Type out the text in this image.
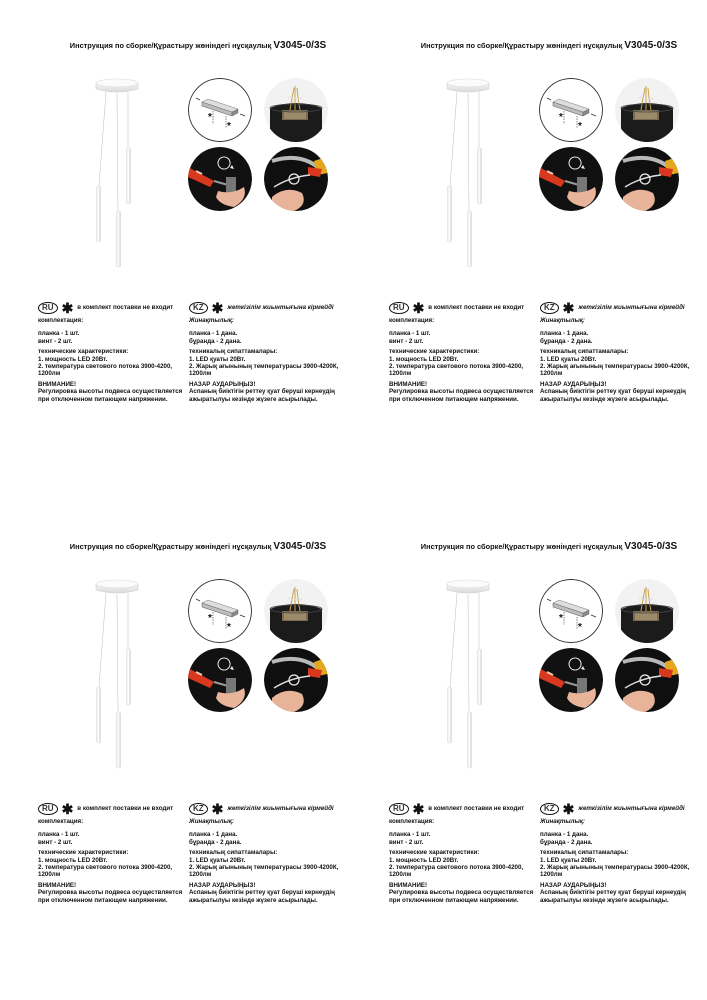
Инструкция по сборке/Құрастыру жөніндегі нұсқаулық V3045-0/3S
*
*
RU ✱ в комплект поставки не входит
комплектация:
планка - 1 шт.
винт - 2 шт.
технические характеристики:
1. мощность LED 20Вт.
2. температура светового потока 3900-4200,
1200лм
ВНИМАНИЕ!
Регулировка высоты подвеса осуществляется при отключенном питающем напряжении.
KZ ✱ жеткізілім жиынтығына кірмейді
Жинақтылық:
планка - 1 дана.
бұранда - 2 дана.
техникалық сипаттамалары:
1. LED қуаты 20Вт.
2. Жарық ағынының температурасы 3900-4200К,
1200лм
НАЗАР АУДАРЫҢЫЗ!
Аспаның биіктігін реттеу қуат беруші кернеудің ажыратылуы кезінде жүзеге асырылады.
Инструкция по сборке/Құрастыру жөніндегі нұсқаулық V3045-0/3S
*
*
RU ✱ в комплект поставки не входит
комплектация:
планка - 1 шт.
винт - 2 шт.
технические характеристики:
1. мощность LED 20Вт.
2. температура светового потока 3900-4200,
1200лм
ВНИМАНИЕ!
Регулировка высоты подвеса осуществляется при отключенном питающем напряжении.
KZ ✱ жеткізілім жиынтығына кірмейді
Жинақтылық:
планка - 1 дана.
бұранда - 2 дана.
техникалық сипаттамалары:
1. LED қуаты 20Вт.
2. Жарық ағынының температурасы 3900-4200К,
1200лм
НАЗАР АУДАРЫҢЫЗ!
Аспаның биіктігін реттеу қуат беруші кернеудің ажыратылуы кезінде жүзеге асырылады.
Инструкция по сборке/Құрастыру жөніндегі нұсқаулық V3045-0/3S
*
*
RU ✱ в комплект поставки не входит
комплектация:
планка - 1 шт.
винт - 2 шт.
технические характеристики:
1. мощность LED 20Вт.
2. температура светового потока 3900-4200,
1200лм
ВНИМАНИЕ!
Регулировка высоты подвеса осуществляется при отключенном питающем напряжении.
KZ ✱ жеткізілім жиынтығына кірмейді
Жинақтылық:
планка - 1 дана.
бұранда - 2 дана.
техникалық сипаттамалары:
1. LED қуаты 20Вт.
2. Жарық ағынының температурасы 3900-4200К,
1200лм
НАЗАР АУДАРЫҢЫЗ!
Аспаның биіктігін реттеу қуат беруші кернеудің ажыратылуы кезінде жүзеге асырылады.
Инструкция по сборке/Құрастыру жөніндегі нұсқаулық V3045-0/3S
*
*
RU ✱ в комплект поставки не входит
комплектация:
планка - 1 шт.
винт - 2 шт.
технические характеристики:
1. мощность LED 20Вт.
2. температура светового потока 3900-4200,
1200лм
ВНИМАНИЕ!
Регулировка высоты подвеса осуществляется при отключенном питающем напряжении.
KZ ✱ жеткізілім жиынтығына кірмейді
Жинақтылық:
планка - 1 дана.
бұранда - 2 дана.
техникалық сипаттамалары:
1. LED қуаты 20Вт.
2. Жарық ағынының температурасы 3900-4200К,
1200лм
НАЗАР АУДАРЫҢЫЗ!
Аспаның биіктігін реттеу қуат беруші кернеудің ажыратылуы кезінде жүзеге асырылады.
